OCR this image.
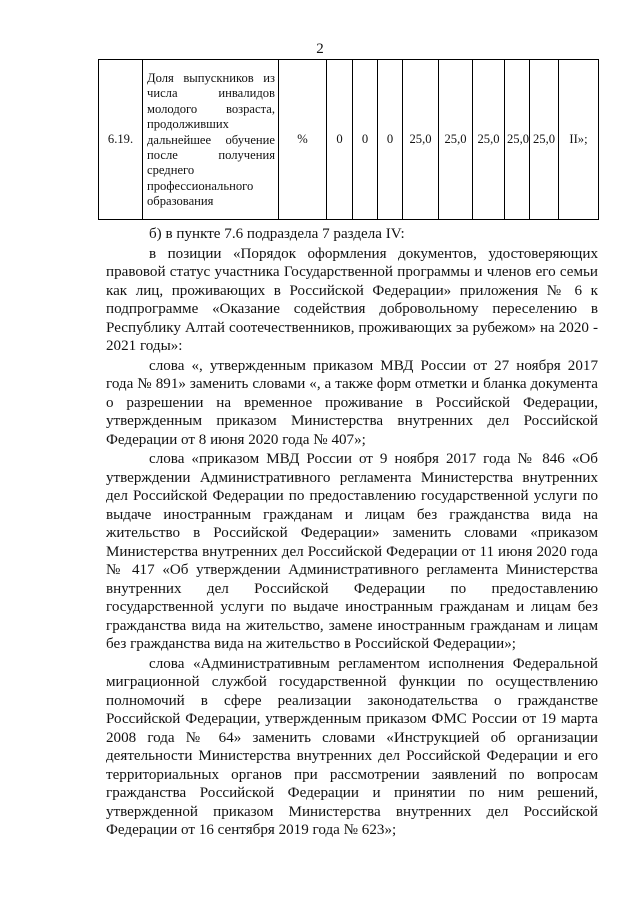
2
6.19.	Доля выпускников из числа инвалидов молодого возраста, продолживших дальнейшее обучение после получения среднего профессионального образования	%	0	0	0	25,0	25,0	25,0	25,0	25,0	II»;

б) в пункте 7.6 подраздела 7 раздела IV:

в позиции «Порядок оформления документов, удостоверяющих правовой статус участника Государственной программы и членов его семьи как лиц, проживающих в Российской Федерации» приложения № 6 к подпрограмме «Оказание содействия добровольному переселению в Республику Алтай соотечественников, проживающих за рубежом» на 2020 - 2021 годы»:

слова «, утвержденным приказом МВД России от 27 ноября 2017 года № 891» заменить словами «, а также форм отметки и бланка документа о разрешении на временное проживание в Российской Федерации, утвержденным приказом Министерства внутренних дел Российской Федерации от 8 июня 2020 года № 407»;

слова «приказом МВД России от 9 ноября 2017 года № 846 «Об утверждении Административного регламента Министерства внутренних дел Российской Федерации по предоставлению государственной услуги по выдаче иностранным гражданам и лицам без гражданства вида на жительство в Российской Федерации» заменить словами «приказом Министерства внутренних дел Российской Федерации от 11 июня 2020 года № 417 «Об утверждении Административного регламента Министерства внутренних дел Российской Федерации по предоставлению государственной услуги по выдаче иностранным гражданам и лицам без гражданства вида на жительство, замене иностранным гражданам и лицам без гражданства вида на жительство в Российской Федерации»;

слова «Административным регламентом исполнения Федеральной миграционной службой государственной функции по осуществлению полномочий в сфере реализации законодательства о гражданстве Российской Федерации, утвержденным приказом ФМС России от 19 марта 2008 года № 64» заменить словами «Инструкцией об организации деятельности Министерства внутренних дел Российской Федерации и его территориальных органов при рассмотрении заявлений по вопросам гражданства Российской Федерации и принятии по ним решений, утвержденной приказом Министерства внутренних дел Российской Федерации от 16 сентября 2019 года № 623»;
